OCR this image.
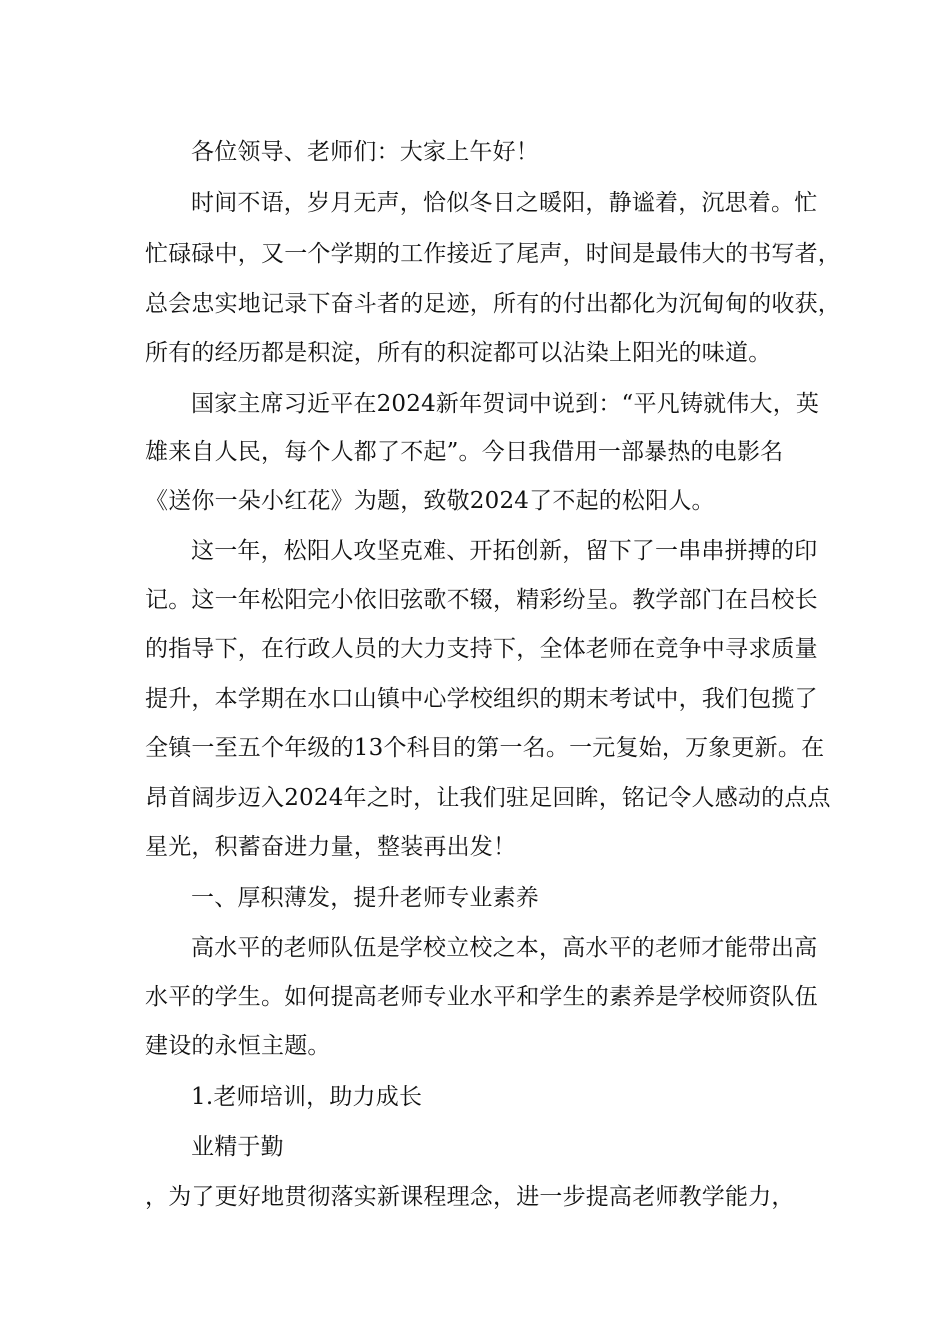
各位领导、老师们：大家上午好！
时间不语，岁月无声，恰似冬日之暖阳，静谧着，沉思着。忙
忙碌碌中，又一个学期的工作接近了尾声，时间是最伟大的书写者，
总会忠实地记录下奋斗者的足迹，所有的付出都化为沉甸甸的收获，
所有的经历都是积淀，所有的积淀都可以沾染上阳光的味道。
国家主席习近平在2024新年贺词中说到：“平凡铸就伟大，英
雄来自人民，每个人都了不起”。今日我借用一部暴热的电影名
《送你一朵小红花》为题，致敬2024了不起的松阳人。
这一年，松阳人攻坚克难、开拓创新，留下了一串串拼搏的印
记。这一年松阳完小依旧弦歌不辍，精彩纷呈。教学部门在吕校长
的指导下，在行政人员的大力支持下，全体老师在竞争中寻求质量
提升，本学期在水口山镇中心学校组织的期末考试中，我们包揽了
全镇一至五个年级的13个科目的第一名。一元复始，万象更新。在
昂首阔步迈入2024年之时，让我们驻足回眸，铭记令人感动的点点
星光，积蓄奋进力量，整装再出发！
一、厚积薄发，提升老师专业素养
高水平的老师队伍是学校立校之本，高水平的老师才能带出高
水平的学生。如何提高老师专业水平和学生的素养是学校师资队伍
建设的永恒主题。
1.老师培训，助力成长
业精于勤
，为了更好地贯彻落实新课程理念，进一步提高老师教学能力，
